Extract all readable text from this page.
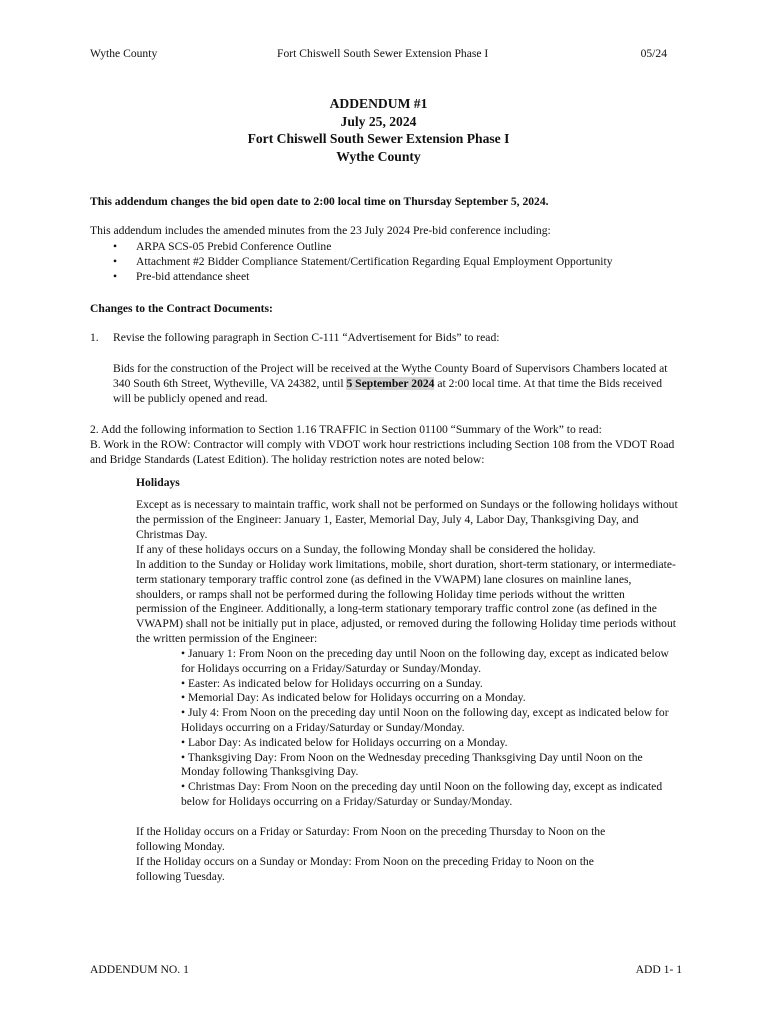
Wythe County	Fort Chiswell South Sewer Extension Phase I	05/24
ADDENDUM #1
July 25, 2024
Fort Chiswell South Sewer Extension Phase I
Wythe County

This addendum changes the bid open date to 2:00 local time on Thursday September 5, 2024.

This addendum includes the amended minutes from the 23 July 2024 Pre-bid conference including:

• ARPA SCS-05 Prebid Conference Outline
• Attachment #2 Bidder Compliance Statement/Certification Regarding Equal Employment Opportunity
• Pre-bid attendance sheet

Changes to the Contract Documents:

1. Revise the following paragraph in Section C-111 “Advertisement for Bids” to read:

Bids for the construction of the Project will be received at the Wythe County Board of Supervisors Chambers located at 340 South 6th Street, Wytheville, VA 24382, until 5 September 2024 at 2:00 local time. At that time the Bids received will be publicly opened and read.

2. Add the following information to Section 1.16 TRAFFIC in Section 01100 “Summary of the Work” to read:

B. Work in the ROW: Contractor will comply with VDOT work hour restrictions including Section 108 from the VDOT Road and Bridge Standards (Latest Edition). The holiday restriction notes are noted below:

Holidays

Except as is necessary to maintain traffic, work shall not be performed on Sundays or the following holidays without the permission of the Engineer: January 1, Easter, Memorial Day, July 4, Labor Day, Thanksgiving Day, and Christmas Day.

If any of these holidays occurs on a Sunday, the following Monday shall be considered the holiday.

In addition to the Sunday or Holiday work limitations, mobile, short duration, short-term stationary, or intermediate-term stationary temporary traffic control zone (as defined in the VWAPM) lane closures on mainline lanes, shoulders, or ramps shall not be performed during the following Holiday time periods without the written permission of the Engineer. Additionally, a long-term stationary temporary traffic control zone (as defined in the VWAPM) shall not be initially put in place, adjusted, or removed during the following Holiday time periods without the written permission of the Engineer:

• January 1: From Noon on the preceding day until Noon on the following day, except as indicated below for Holidays occurring on a Friday/Saturday or Sunday/Monday.
• Easter: As indicated below for Holidays occurring on a Sunday.
• Memorial Day: As indicated below for Holidays occurring on a Monday.
• July 4: From Noon on the preceding day until Noon on the following day, except as indicated below for Holidays occurring on a Friday/Saturday or Sunday/Monday.
• Labor Day: As indicated below for Holidays occurring on a Monday.
• Thanksgiving Day: From Noon on the Wednesday preceding Thanksgiving Day until Noon on the Monday following Thanksgiving Day.
• Christmas Day: From Noon on the preceding day until Noon on the following day, except as indicated below for Holidays occurring on a Friday/Saturday or Sunday/Monday.

If the Holiday occurs on a Friday or Saturday: From Noon on the preceding Thursday to Noon on the following Monday.

If the Holiday occurs on a Sunday or Monday: From Noon on the preceding Friday to Noon on the following Tuesday.

ADDENDUM NO. 1	ADD 1- 1
